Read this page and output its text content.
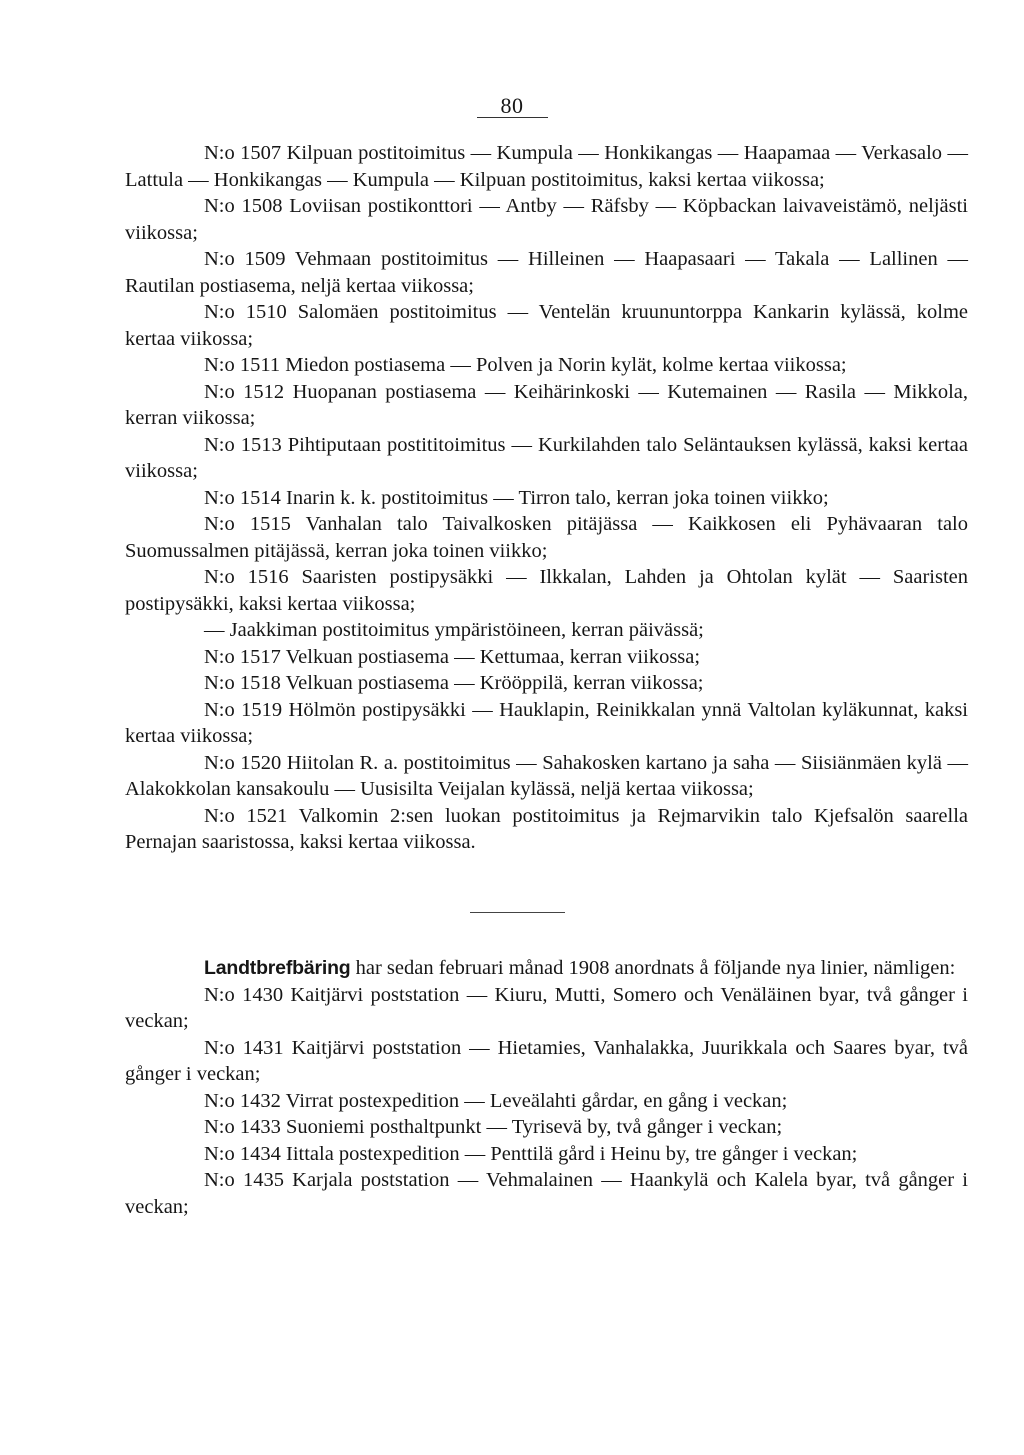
80

N:o 1507 Kilpuan postitoimitus — Kumpula — Honkikangas — Haapamaa — Verkasalo — Lattula — Honkikangas — Kumpula — Kilpuan postitoimitus, kaksi kertaa viikossa;

N:o 1508 Loviisan postikonttori — Antby — Räfsby — Köpbackan laivaveistämö, neljästi viikossa;

N:o 1509 Vehmaan postitoimitus — Hilleinen — Haapasaari — Takala — Lallinen — Rautilan postiasema, neljä kertaa viikossa;

N:o 1510 Salomäen postitoimitus — Ventelän kruununtorppa Kankarin kylässä, kolme kertaa viikossa;

N:o 1511 Miedon postiasema — Polven ja Norin kylät, kolme kertaa viikossa;

N:o 1512 Huopanan postiasema — Keihärinkoski — Kutemainen — Rasila — Mikkola, kerran viikossa;

N:o 1513 Pihtiputaan postititoimitus — Kurkilahden talo Seläntauksen kylässä, kaksi kertaa viikossa;

N:o 1514 Inarin k. k. postitoimitus — Tirron talo, kerran joka toinen viikko;

N:o 1515 Vanhalan talo Taivalkosken pitäjässa — Kaikkosen eli Pyhävaaran talo Suomussalmen pitäjässä, kerran joka toinen viikko;

N:o 1516 Saaristen postipysäkki — Ilkkalan, Lahden ja Ohtolan kylät — Saaristen postipysäkki, kaksi kertaa viikossa;

— Jaakkiman postitoimitus ympäristöineen, kerran päivässä;

N:o 1517 Velkuan postiasema — Kettumaa, kerran viikossa;

N:o 1518 Velkuan postiasema — Krööppilä, kerran viikossa;

N:o 1519 Hölmön postipysäkki — Hauklapin, Reinikkalan ynnä Valtolan kyläkunnat, kaksi kertaa viikossa;

N:o 1520 Hiitolan R. a. postitoimitus — Sahakosken kartano ja saha — Siisiänmäen kylä — Alakokkolan kansakoulu — Uusisilta Veijalan kylässä, neljä kertaa viikossa;

N:o 1521 Valkomin 2:sen luokan postitoimitus ja Rejmarvikin talo Kjefsalön saarella Pernajan saaristossa, kaksi kertaa viikossa.

Landtbrefbäring har sedan februari månad 1908 anordnats å följande nya linier, nämligen:

N:o 1430 Kaitjärvi poststation — Kiuru, Mutti, Somero och Venäläinen byar, två gånger i veckan;

N:o 1431 Kaitjärvi poststation — Hietamies, Vanhalakka, Juurikkala och Saares byar, två gånger i veckan;

N:o 1432 Virrat postexpedition — Leveälahti gårdar, en gång i veckan;

N:o 1433 Suoniemi posthaltpunkt — Tyrisevä by, två gånger i veckan;

N:o 1434 Iittala postexpedition — Penttilä gård i Heinu by, tre gånger i veckan;

N:o 1435 Karjala poststation — Vehmalainen — Haankylä och Kalela byar, två gånger i veckan;
